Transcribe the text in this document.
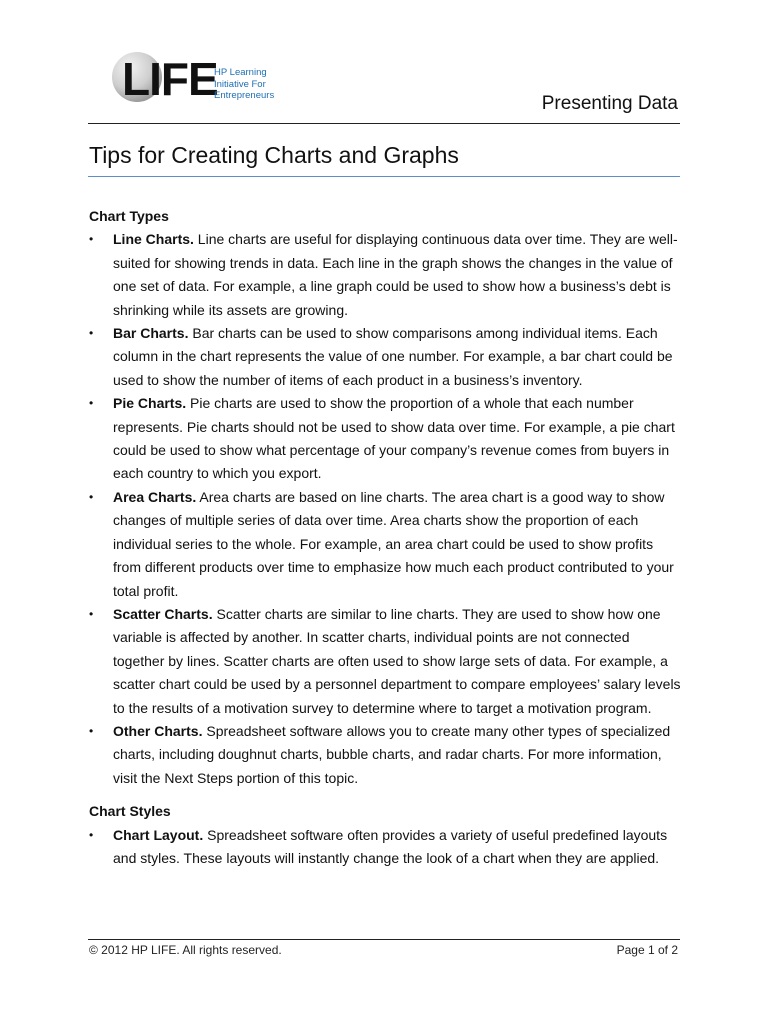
LIFE
HP Learning
Initiative For
Entrepreneurs	Presenting Data
Tips for Creating Charts and Graphs

Chart Types

• Line Charts. Line charts are useful for displaying continuous data over time. They are well-suited for showing trends in data. Each line in the graph shows the changes in the value of one set of data. For example, a line graph could be used to show how a business’s debt is shrinking while its assets are growing.
• Bar Charts. Bar charts can be used to show comparisons among individual items. Each column in the chart represents the value of one number. For example, a bar chart could be used to show the number of items of each product in a business’s inventory.
• Pie Charts. Pie charts are used to show the proportion of a whole that each number represents. Pie charts should not be used to show data over time. For example, a pie chart could be used to show what percentage of your company’s revenue comes from buyers in each country to which you export.
• Area Charts. Area charts are based on line charts. The area chart is a good way to show changes of multiple series of data over time. Area charts show the proportion of each individual series to the whole. For example, an area chart could be used to show profits from different products over time to emphasize how much each product contributed to your total profit.
• Scatter Charts. Scatter charts are similar to line charts. They are used to show how one variable is affected by another. In scatter charts, individual points are not connected together by lines. Scatter charts are often used to show large sets of data. For example, a scatter chart could be used by a personnel department to compare employees’ salary levels to the results of a motivation survey to determine where to target a motivation program.
• Other Charts. Spreadsheet software allows you to create many other types of specialized charts, including doughnut charts, bubble charts, and radar charts. For more information, visit the Next Steps portion of this topic.

Chart Styles

• Chart Layout. Spreadsheet software often provides a variety of useful predefined layouts and styles. These layouts will instantly change the look of a chart when they are applied.
© 2012 HP LIFE. All rights reserved.	Page 1 of 2
